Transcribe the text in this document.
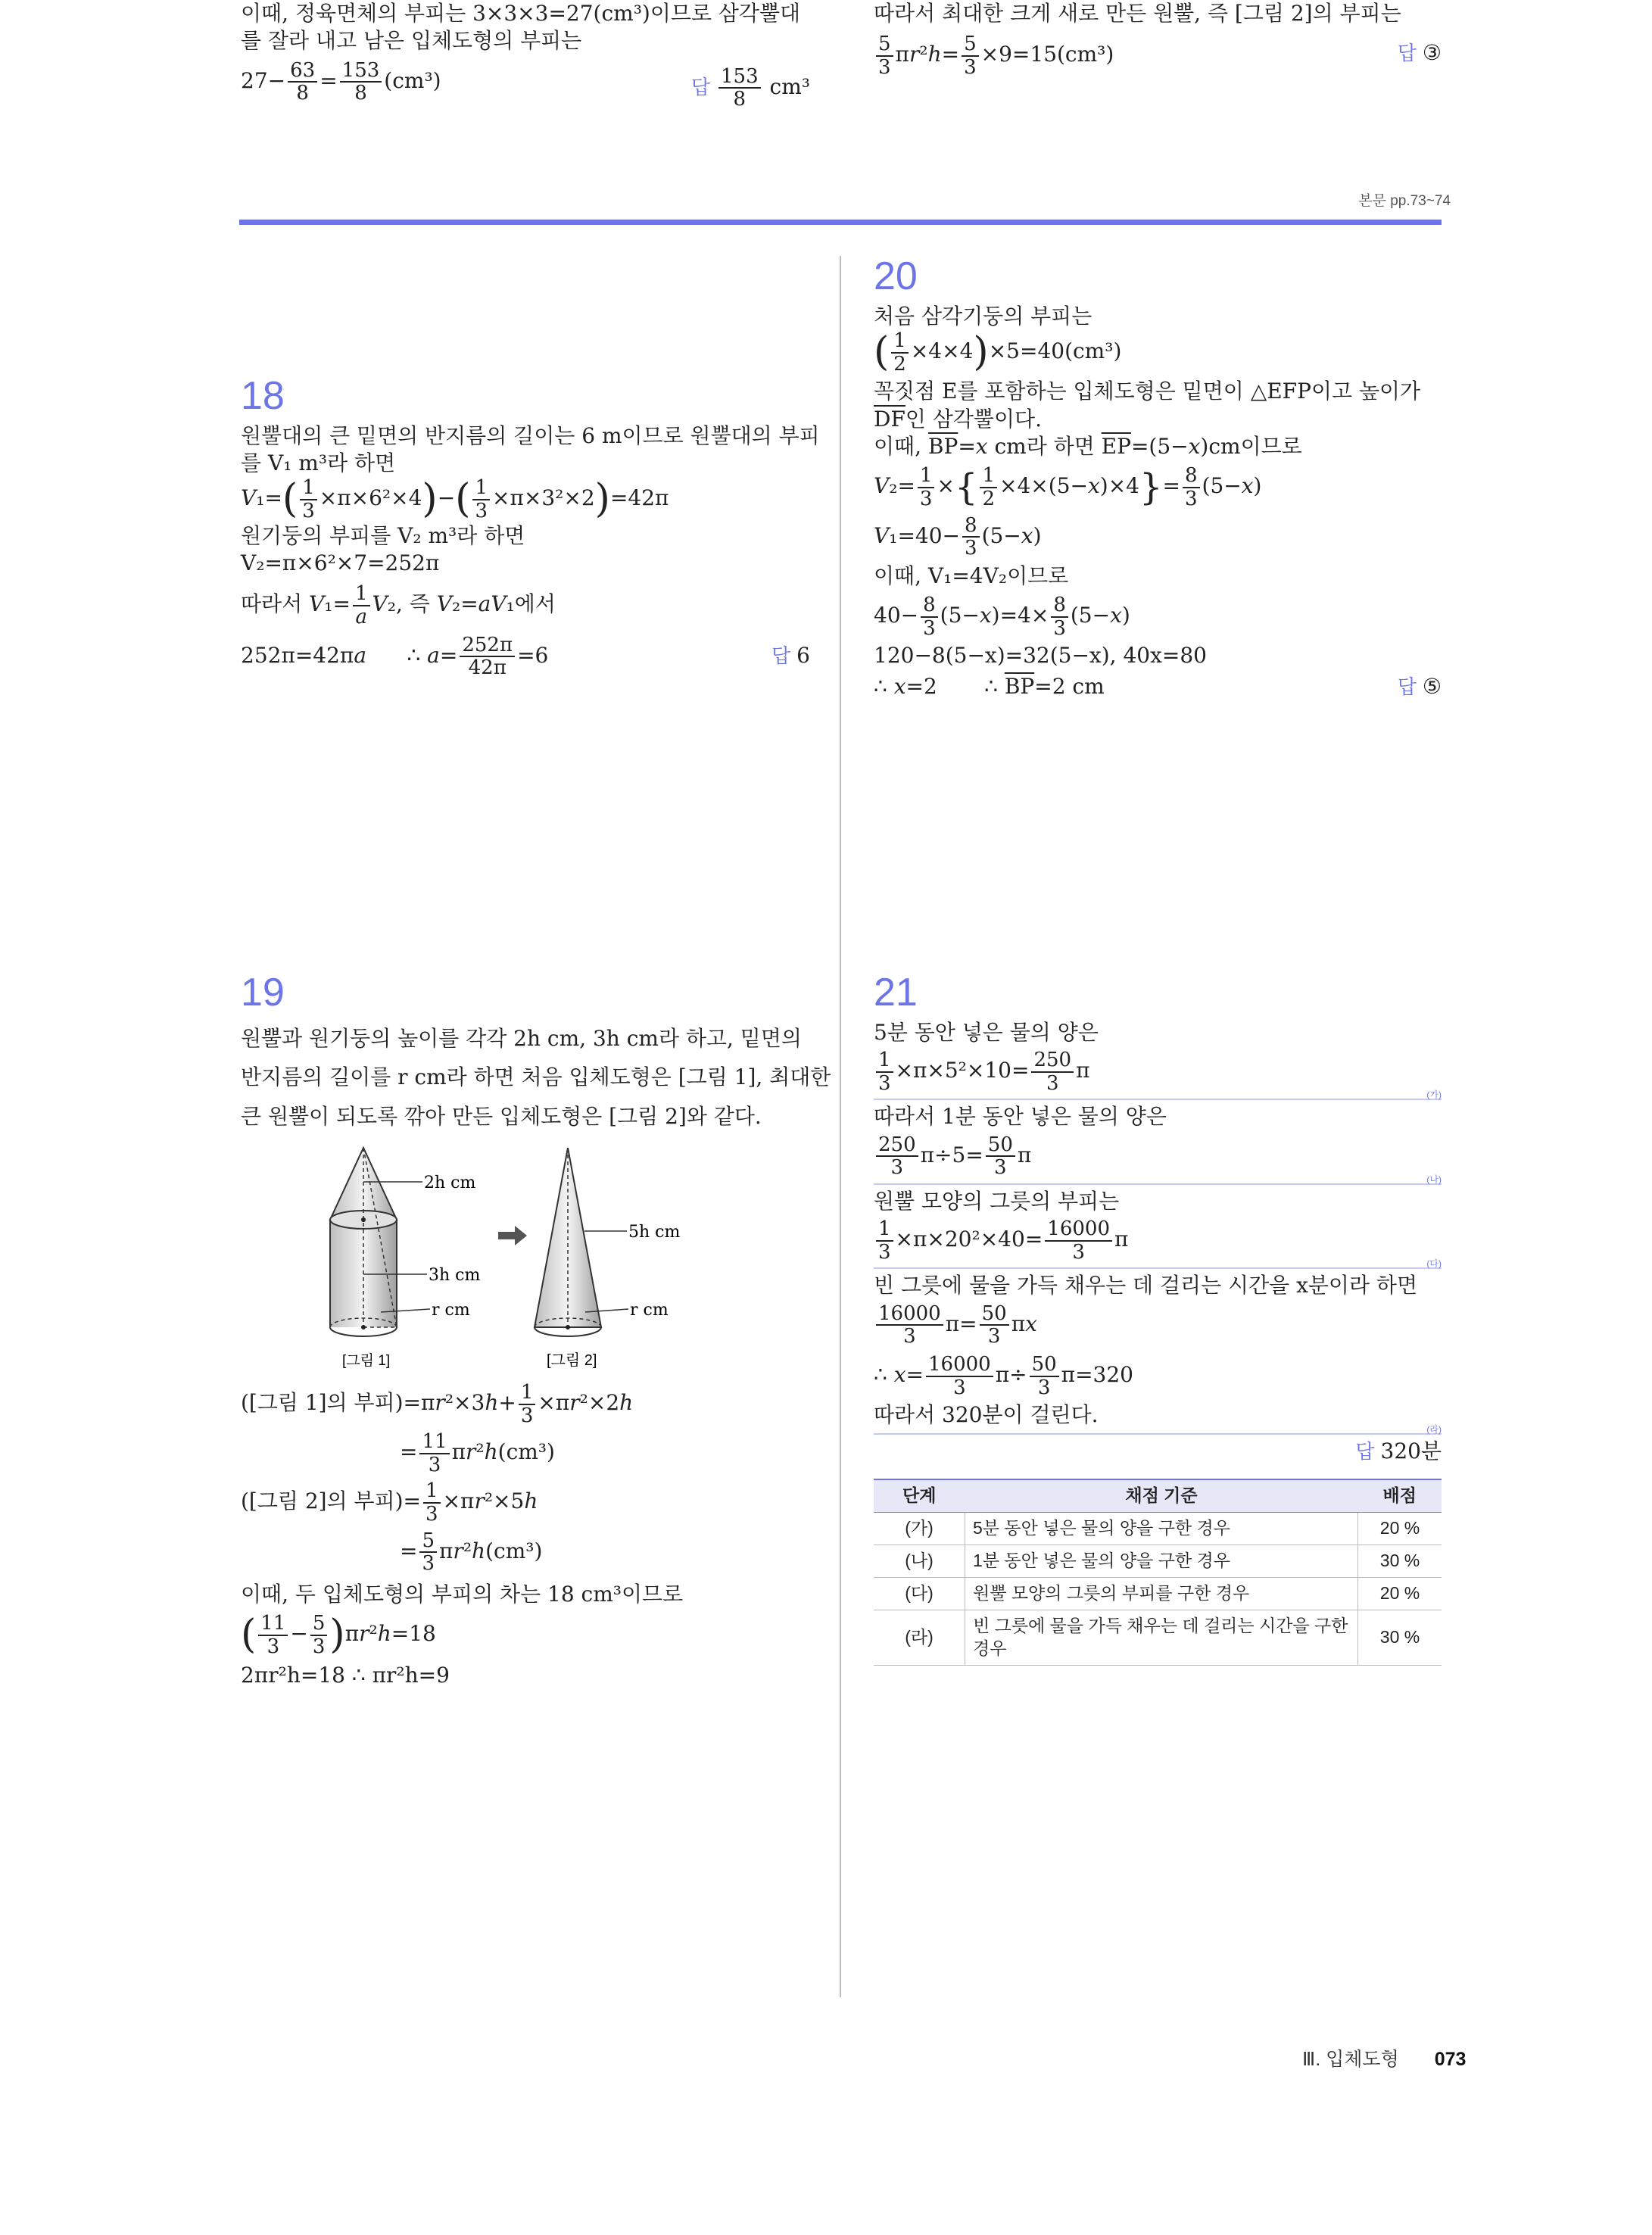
본문 pp.73~74

이때, 정육면체의 부피는 3×3×3=27(cm³)이므로 삼각뿔대

를 잘라 내고 남은 입체도형의 부피는

$27- \frac{63}{8} = \frac{153}{8} (cm^3)$	답 $\frac{153}{8} cm^3$

18

원뿔대의 큰 밑면의 반지름의 길이는 6 m이므로 원뿔대의 부피

를 V₁ m³라 하면

$V_1=( \frac{1}{3} \times\pi\times 6^2\times 4)-( \frac{1}{3} \times\pi\times 3^2\times 2)=42\pi$

원기둥의 부피를 V₂ m³라 하면

V₂=π×6²×7=252π

따라서 $V_1= \frac{1}{a} V_2$, 즉 V₂=aV₁에서

252π=42πa      ∴ $a= \frac{252\pi}{42\pi} =6$	답 6

19

원뿔과 원기둥의 높이를 각각 2h cm, 3h cm라 하고, 밑면의

반지름의 길이를 r cm라 하면 처음 입체도형은 [그림 1], 최대한

큰 원뿔이 되도록 깎아 만든 입체도형은 [그림 2]와 같다.

2h cm
3h cm
r cm
[그림 1]
5h cm
r cm
[그림 2]

([그림 1]의 부피)$=\pi r^2\times 3h+ \frac{1}{3} \times\pi r^2\times 2h$

= $\frac{11}{3} \pi r^2h(cm^3)$

([그림 2]의 부피)= $\frac{1}{3} \times\pi r^2\times 5h$

= $\frac{5}{3} \pi r^2h(cm^3)$

이때, 두 입체도형의 부피의 차는 18 cm³이므로

( $\frac{11}{3} - \frac{5}{3} )\pi r^2h=18$

2πr²h=18 ∴ πr²h=9

따라서 최대한 크게 새로 만든 원뿔, 즉 [그림 2]의 부피는

$\frac{5}{3} \pi r^2h= \frac{5}{3} \times 9=15(cm^3)$	답 ③

20

처음 삼각기둥의 부피는

( $\frac{1}{2} \times 4\times 4)\times 5=40(cm^3)$

꼭짓점 E를 포함하는 입체도형은 밑면이 △EFP이고 높이가

$\overline{DF}$인 삼각뿔이다.

이때, $\overline{BP}=x$ cm라 하면 $\overline{EP}=(5-x)cm$이므로

$V_2= \frac{1}{3}$ ×{ $\frac{1}{2} \times 4\times(5-x)\times 4\}= \frac{8}{3} (5-x)$

$V_1=40- \frac{8}{3} (5-x)$

이때, V₁=4V₂이므로

$40- \frac{8}{3} (5-x)=4\times \frac{8}{3} (5-x)$

120−8(5−x)=32(5−x), 40x=80

∴ x=2       ∴ $\overline{BP}=2$ cm	답 ⑤

21

5분 동안 넣은 물의 양은

$\frac{1}{3} \times\pi\times 5^2\times 10= \frac{250}{3}$ π

(가)

따라서 1분 동안 넣은 물의 양은

$\frac{250}{3} \pi\div 5= \frac{50}{3}$ π

(나)

원뿔 모양의 그릇의 부피는

$\frac{1}{3} \times\pi\times 20^2\times 40= \frac{16000}{3}$ π

(다)

빈 그릇에 물을 가득 채우는 데 걸리는 시간을 x분이라 하면

$\frac{16000}{3} \pi= \frac{50}{3}$ πx

∴ $x= \frac{16000}{3} \pi\div \frac{50}{3} \pi=320$

따라서 320분이 걸린다.

(라)

답 320분

단계	채점 기준	배점
(가)	5분 동안 넣은 물의 양을 구한 경우	20 %
(나)	1분 동안 넣은 물의 양을 구한 경우	30 %
(다)	원뿔 모양의 그릇의 부피를 구한 경우	20 %
(라)	빈 그릇에 물을 가득 채우는 데 걸리는 시간을 구한 경우	30 %
Ⅲ. 입체도형 073
